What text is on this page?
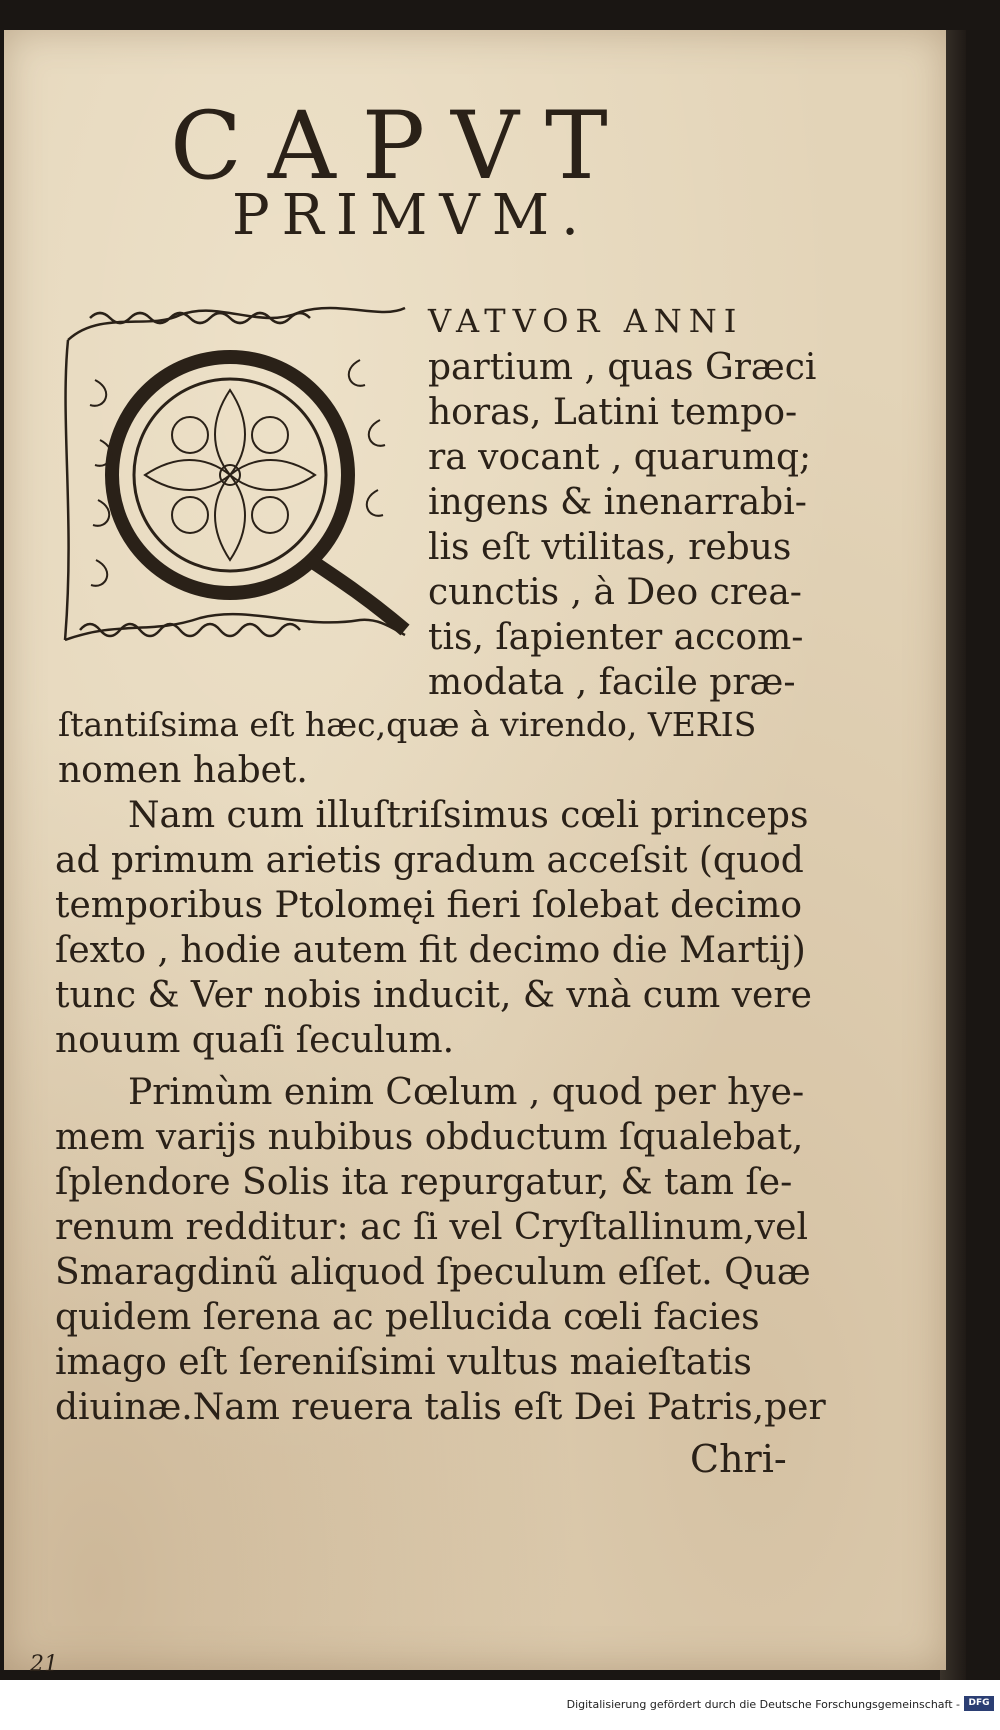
CAPVT
PRIMVM.
VATVOR ANNI
partium , quas Græci
horas, Latini tempo-
ra vocant , quarumq;
ingens & inenarrabi-
lis eſt vtilitas, rebus
cunctis , à Deo crea-
tis, ſapienter accom-
modata , facile præ-
ſtantiſsima eſt hæc,quæ à virendo, VERIS
nomen habet.
Nam cum illuſtriſsimus cœli princeps
ad primum arietis gradum acceſsit (quod
temporibus Ptolomęi fieri ſolebat decimo
ſexto , hodie autem fit decimo die Martij)
tunc & Ver nobis inducit, & vnà cum vere
nouum quaſi ſeculum.
Primùm enim Cœlum , quod per hye-
mem varijs nubibus obductum ſqualebat,
ſplendore Solis ita repurgatur, & tam ſe-
renum redditur: ac ſi vel Cryſtallinum,vel
Smaragdinũ aliquod ſpeculum eſſet. Quæ
quidem ſerena ac pellucida cœli facies
imago eſt ſereniſsimi vultus maieſtatis
diuinæ.Nam reuera talis eſt Dei Patris,per
Chri-
21
Digitalisierung gefördert durch die Deutsche Forschungsgemeinschaft - DFG
